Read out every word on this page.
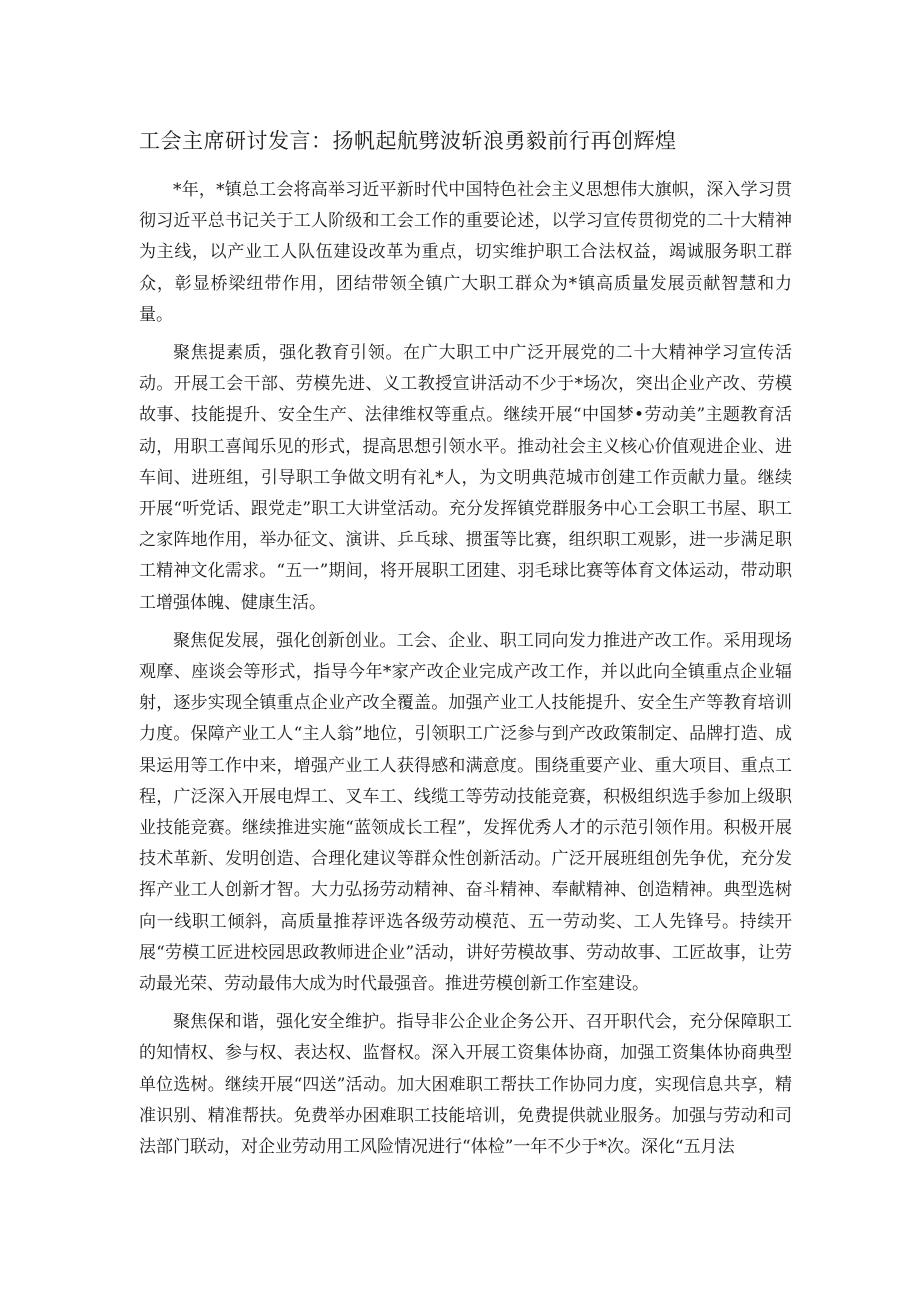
工会主席研讨发言：扬帆起航劈波斩浪勇毅前行再创辉煌

*年，*镇总工会将高举习近平新时代中国特色社会主义思想伟大旗帜，深入学习贯彻习近平总书记关于工人阶级和工会工作的重要论述，以学习宣传贯彻党的二十大精神为主线，以产业工人队伍建设改革为重点，切实维护职工合法权益，竭诚服务职工群众，彰显桥梁纽带作用，团结带领全镇广大职工群众为*镇高质量发展贡献智慧和力量。

聚焦提素质，强化教育引领。在广大职工中广泛开展党的二十大精神学习宣传活动。开展工会干部、劳模先进、义工教授宣讲活动不少于*场次，突出企业产改、劳模故事、技能提升、安全生产、法律维权等重点。继续开展“中国梦•劳动美”主题教育活动，用职工喜闻乐见的形式，提高思想引领水平。推动社会主义核心价值观进企业、进车间、进班组，引导职工争做文明有礼*人，为文明典范城市创建工作贡献力量。继续开展“听党话、跟党走”职工大讲堂活动。充分发挥镇党群服务中心工会职工书屋、职工之家阵地作用，举办征文、演讲、乒乓球、掼蛋等比赛，组织职工观影，进一步满足职工精神文化需求。“五一”期间，将开展职工团建、羽毛球比赛等体育文体运动，带动职工增强体魄、健康生活。

聚焦促发展，强化创新创业。工会、企业、职工同向发力推进产改工作。采用现场观摩、座谈会等形式，指导今年*家产改企业完成产改工作，并以此向全镇重点企业辐射，逐步实现全镇重点企业产改全覆盖。加强产业工人技能提升、安全生产等教育培训力度。保障产业工人“主人翁”地位，引领职工广泛参与到产改政策制定、品牌打造、成果运用等工作中来，增强产业工人获得感和满意度。围绕重要产业、重大项目、重点工程，广泛深入开展电焊工、叉车工、线缆工等劳动技能竞赛，积极组织选手参加上级职业技能竞赛。继续推进实施“蓝领成长工程”，发挥优秀人才的示范引领作用。积极开展技术革新、发明创造、合理化建议等群众性创新活动。广泛开展班组创先争优，充分发挥产业工人创新才智。大力弘扬劳动精神、奋斗精神、奉献精神、创造精神。典型选树向一线职工倾斜，高质量推荐评选各级劳动模范、五一劳动奖、工人先锋号。持续开展“劳模工匠进校园思政教师进企业”活动，讲好劳模故事、劳动故事、工匠故事，让劳动最光荣、劳动最伟大成为时代最强音。推进劳模创新工作室建设。

聚焦保和谐，强化安全维护。指导非公企业企务公开、召开职代会，充分保障职工的知情权、参与权、表达权、监督权。深入开展工资集体协商，加强工资集体协商典型单位选树。继续开展“四送”活动。加大困难职工帮扶工作协同力度，实现信息共享，精准识别、精准帮扶。免费举办困难职工技能培训，免费提供就业服务。加强与劳动和司法部门联动，对企业劳动用工风险情况进行“体检”一年不少于*次。深化“五月法
